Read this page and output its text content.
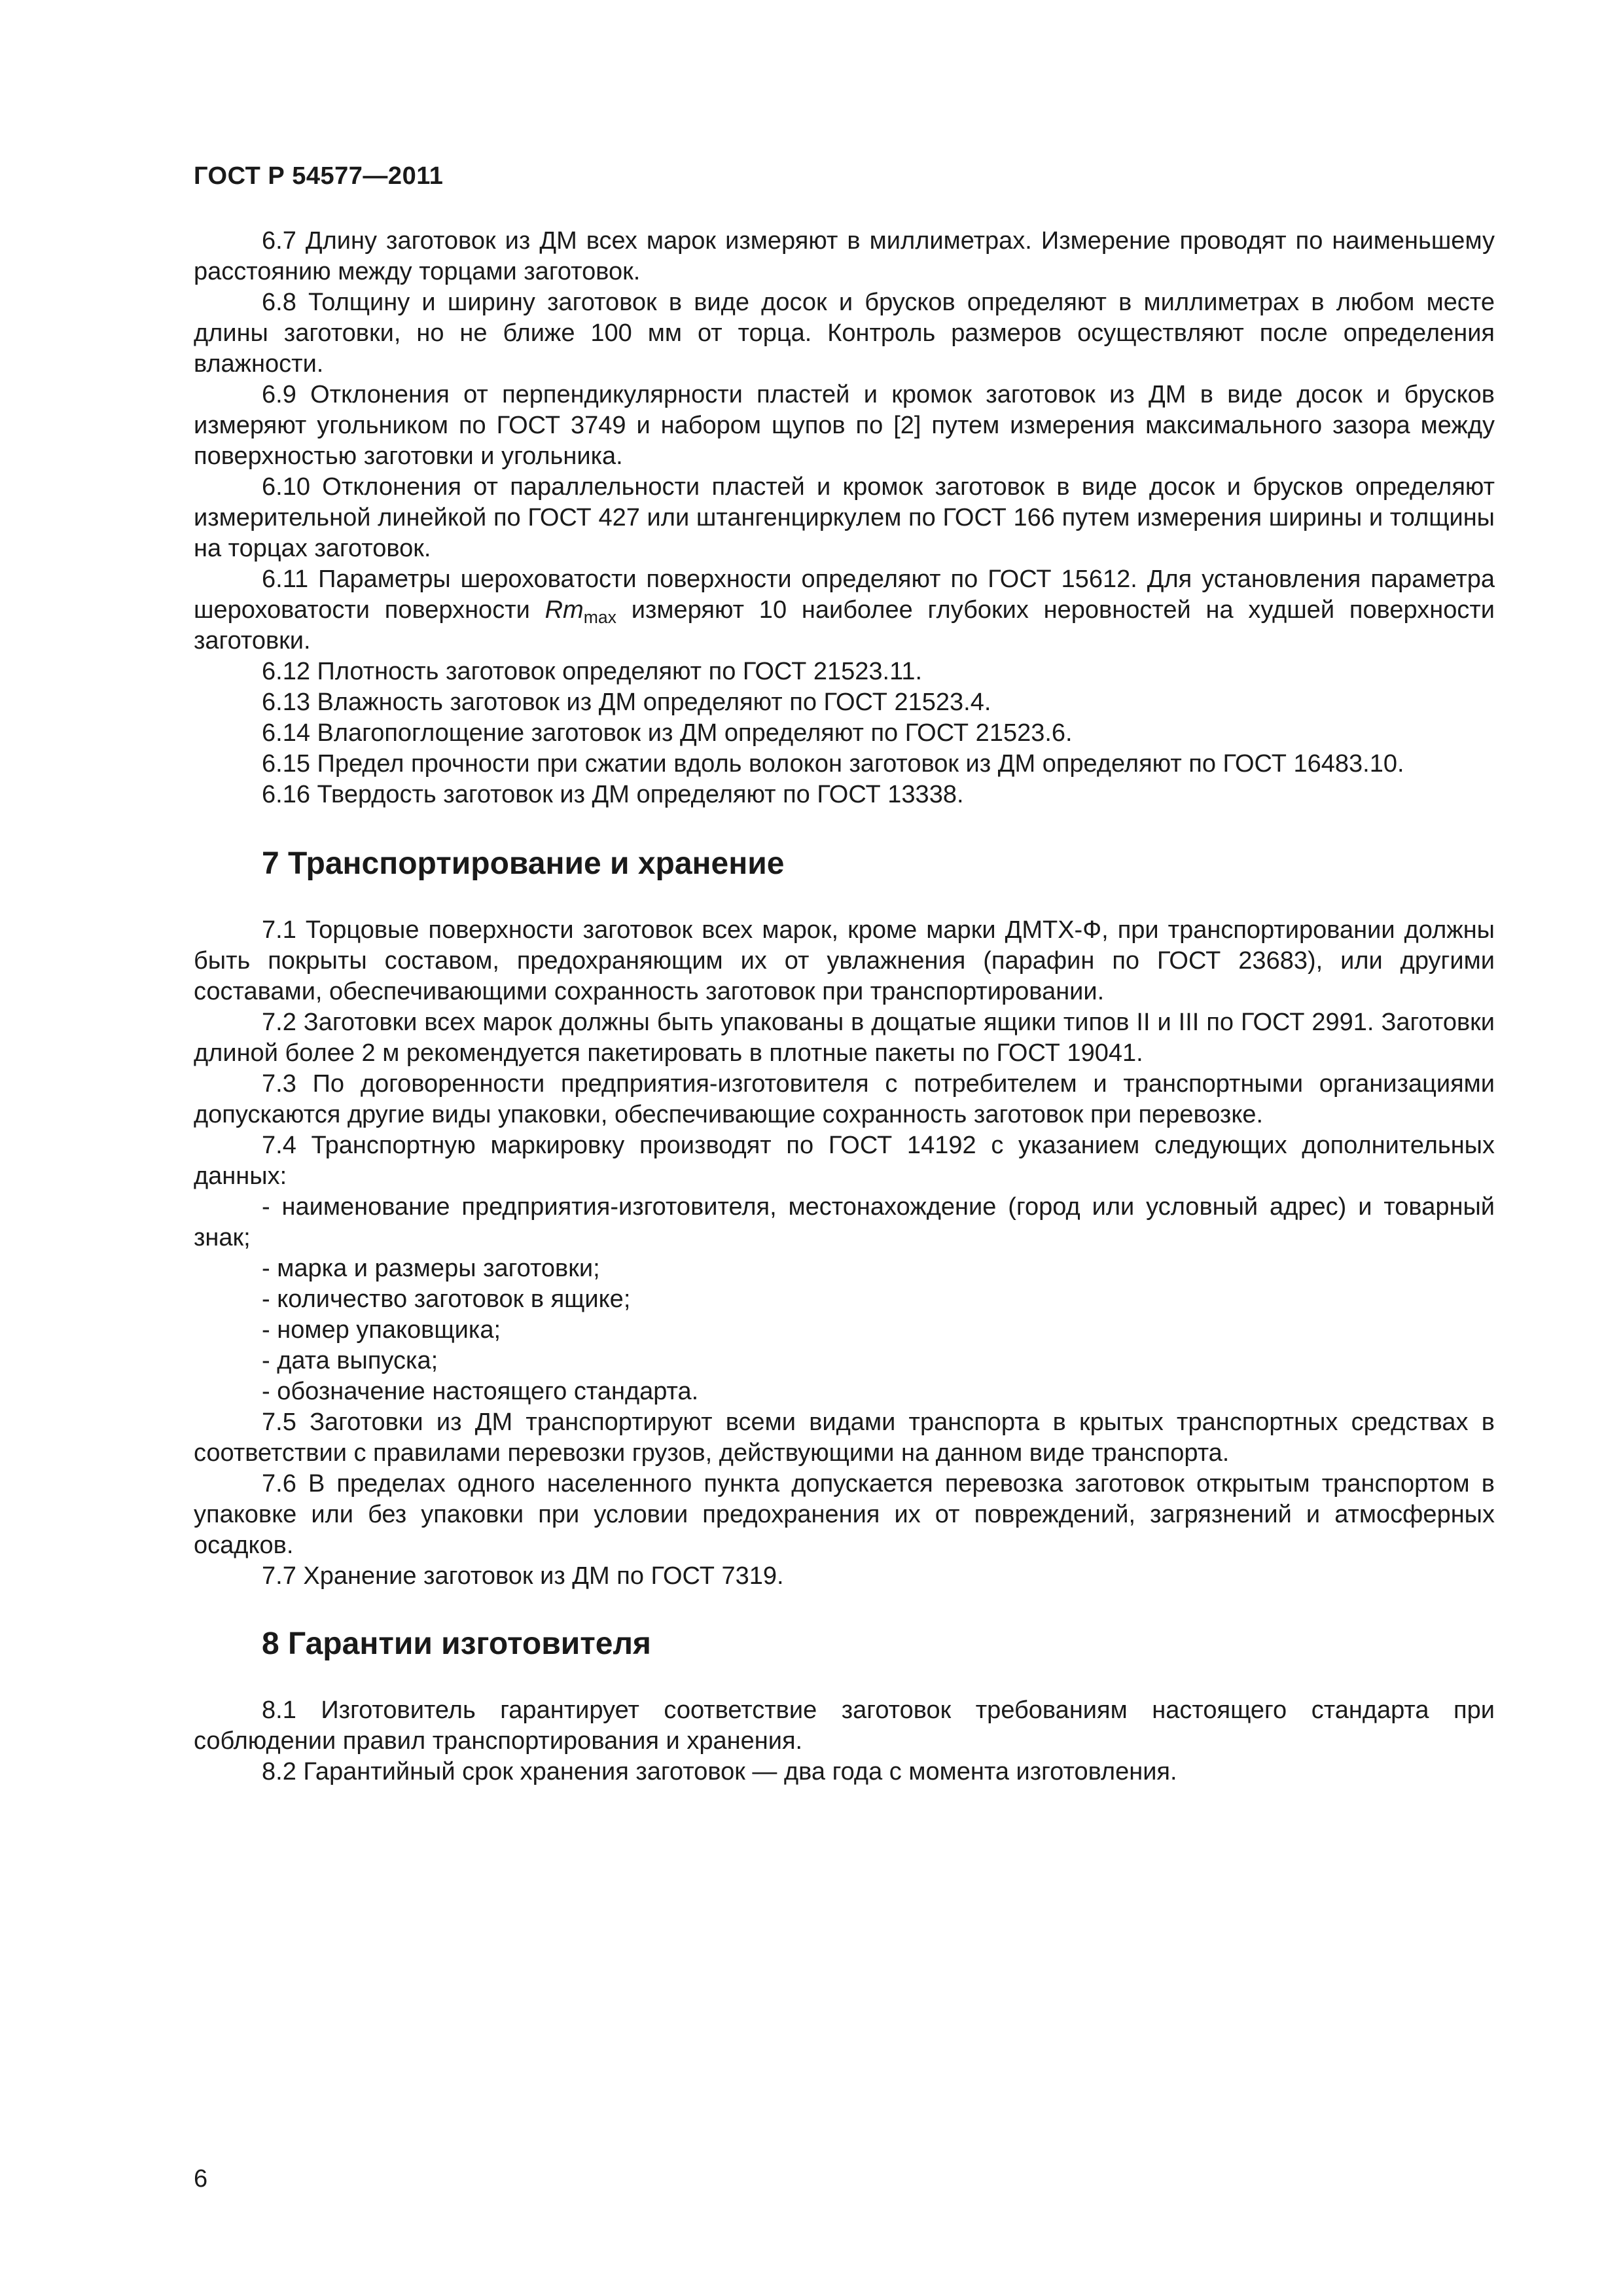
ГОСТ Р 54577—2011

6.7 Длину заготовок из ДМ всех марок измеряют в миллиметрах. Измерение проводят по наименьшему расстоянию между торцами заготовок.

6.8 Толщину и ширину заготовок в виде досок и брусков определяют в миллиметрах в любом месте длины заготовки, но не ближе 100 мм от торца. Контроль размеров осуществляют после определения влажности.

6.9 Отклонения от перпендикулярности пластей и кромок заготовок из ДМ в виде досок и брусков измеряют угольником по ГОСТ 3749 и набором щупов по [2] путем измерения максимального зазора между поверхностью заготовки и угольника.

6.10 Отклонения от параллельности пластей и кромок заготовок в виде досок и брусков определяют измерительной линейкой по ГОСТ 427 или штангенциркулем по ГОСТ 166 путем измерения ширины и толщины на торцах заготовок.

6.11 Параметры шероховатости поверхности определяют по ГОСТ 15612. Для установления параметра шероховатости поверхности $Rm_{max}$ измеряют 10 наиболее глубоких неровностей на худшей поверхности заготовки.

6.12 Плотность заготовок определяют по ГОСТ 21523.11.

6.13 Влажность заготовок из ДМ определяют по ГОСТ 21523.4.

6.14 Влагопоглощение заготовок из ДМ определяют по ГОСТ 21523.6.

6.15 Предел прочности при сжатии вдоль волокон заготовок из ДМ определяют по ГОСТ 16483.10.

6.16 Твердость заготовок из ДМ определяют по ГОСТ 13338.

7 Транспортирование и хранение

7.1 Торцовые поверхности заготовок всех марок, кроме марки ДМТХ-Ф, при транспортировании должны быть покрыты составом, предохраняющим их от увлажнения (парафин по ГОСТ 23683), или другими составами, обеспечивающими сохранность заготовок при транспортировании.

7.2 Заготовки всех марок должны быть упакованы в дощатые ящики типов II и III по ГОСТ 2991. Заготовки длиной более 2 м рекомендуется пакетировать в плотные пакеты по ГОСТ 19041.

7.3 По договоренности предприятия-изготовителя с потребителем и транспортными организациями допускаются другие виды упаковки, обеспечивающие сохранность заготовок при перевозке.

7.4 Транспортную маркировку производят по ГОСТ 14192 с указанием следующих дополнительных данных:

- наименование предприятия-изготовителя, местонахождение (город или условный адрес) и товарный знак;

- марка и размеры заготовки;

- количество заготовок в ящике;

- номер упаковщика;

- дата выпуска;

- обозначение настоящего стандарта.

7.5 Заготовки из ДМ транспортируют всеми видами транспорта в крытых транспортных средствах в соответствии с правилами перевозки грузов, действующими на данном виде транспорта.

7.6 В пределах одного населенного пункта допускается перевозка заготовок открытым транспортом в упаковке или без упаковки при условии предохранения их от повреждений, загрязнений и атмосферных осадков.

7.7 Хранение заготовок из ДМ по ГОСТ 7319.

8 Гарантии изготовителя

8.1 Изготовитель гарантирует соответствие заготовок требованиям настоящего стандарта при соблюдении правил транспортирования и хранения.

8.2 Гарантийный срок хранения заготовок — два года с момента изготовления.

6
